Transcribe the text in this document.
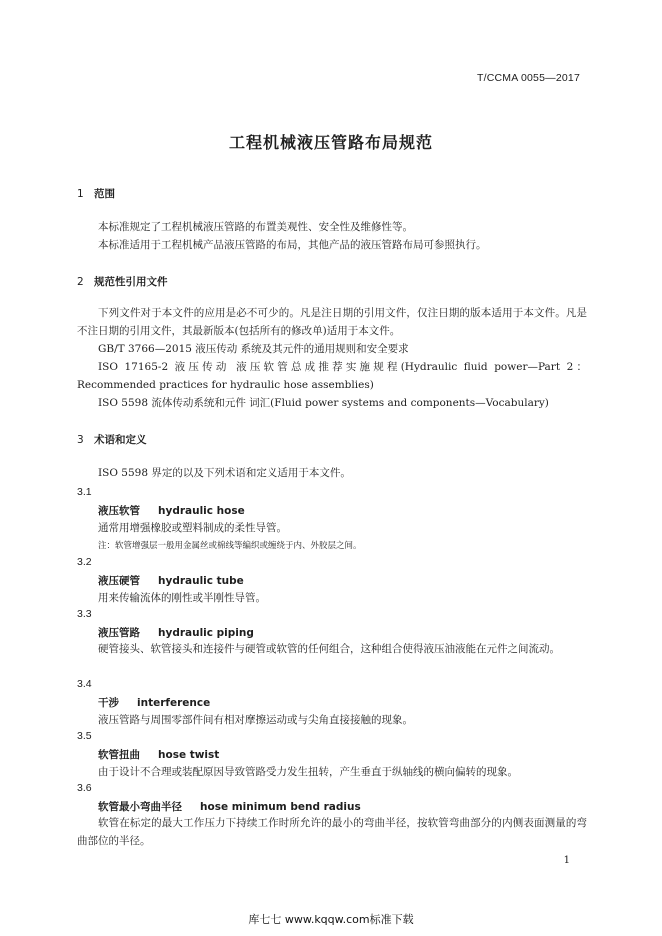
T/CCMA 0055—2017
工程机械液压管路布局规范
1 范围
本标准规定了工程机械液压管路的布置美观性、安全性及维修性等。
本标准适用于工程机械产品液压管路的布局，其他产品的液压管路布局可参照执行。
2 规范性引用文件
下列文件对于本文件的应用是必不可少的。凡是注日期的引用文件，仅注日期的版本适用于本文件。凡是不注日期的引用文件，其最新版本(包括所有的修改单)适用于本文件。
GB/T 3766—2015 液压传动 系统及其元件的通用规则和安全要求
ISO 17165-2 液压传动 液压软管总成推荐实施规程(Hydraulic fluid power—Part 2：Recommended practices for hydraulic hose assemblies)
ISO 5598 流体传动系统和元件 词汇(Fluid power systems and components—Vocabulary)
3 术语和定义
ISO 5598 界定的以及下列术语和定义适用于本文件。
3.1
液压软管 hydraulic hose
通常用增强橡胶或塑料制成的柔性导管。
注：软管增强层一般用金属丝或棉线等编织或缠绕于内、外胶层之间。
3.2
液压硬管 hydraulic tube
用来传输流体的刚性或半刚性导管。
3.3
液压管路 hydraulic piping
硬管接头、软管接头和连接件与硬管或软管的任何组合，这种组合使得液压油液能在元件之间流动。
3.4
干涉 interference
液压管路与周围零部件间有相对摩擦运动或与尖角直接接触的现象。
3.5
软管扭曲 hose twist
由于设计不合理或装配原因导致管路受力发生扭转，产生垂直于纵轴线的横向偏转的现象。
3.6
软管最小弯曲半径 hose minimum bend radius
软管在标定的最大工作压力下持续工作时所允许的最小的弯曲半径，按软管弯曲部分的内侧表面测量的弯曲部位的半径。
1
库七七 www.kqqw.com标准下载
